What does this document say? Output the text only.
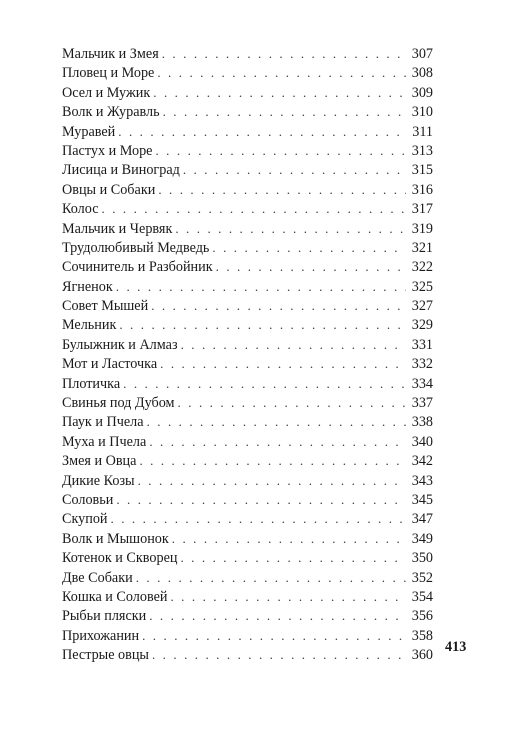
Мальчик и Змея . . .	307
Пловец и Море . . .	308
Осел и Мужик . . .	309
Волк и Журавль . . .	310
Муравей . . .	311
Пастух и Море . . .	313
Лисица и Виноград . . .	315
Овцы и Собаки . . .	316
Колос . . .	317
Мальчик и Червяк . . .	319
Трудолюбивый Медведь . . .	321
Сочинитель и Разбойник . . .	322
Ягненок . . .	325
Совет Мышей . . .	327
Мельник . . .	329
Булыжник и Алмаз . . .	331
Мот и Ласточка . . .	332
Плотичка . . .	334
Свинья под Дубом . . .	337
Паук и Пчела . . .	338
Муха и Пчела . . .	340
Змея и Овца . . .	342
Дикие Козы . . .	343
Соловьи . . .	345
Скупой . . .	347
Волк и Мышонок . . .	349
Котенок и Скворец . . .	350
Две Собаки . . .	352
Кошка и Соловей . . .	354
Рыбьи пляски . . .	356
Прихожанин . . .	358
Пестрые овцы . . .	360
413
